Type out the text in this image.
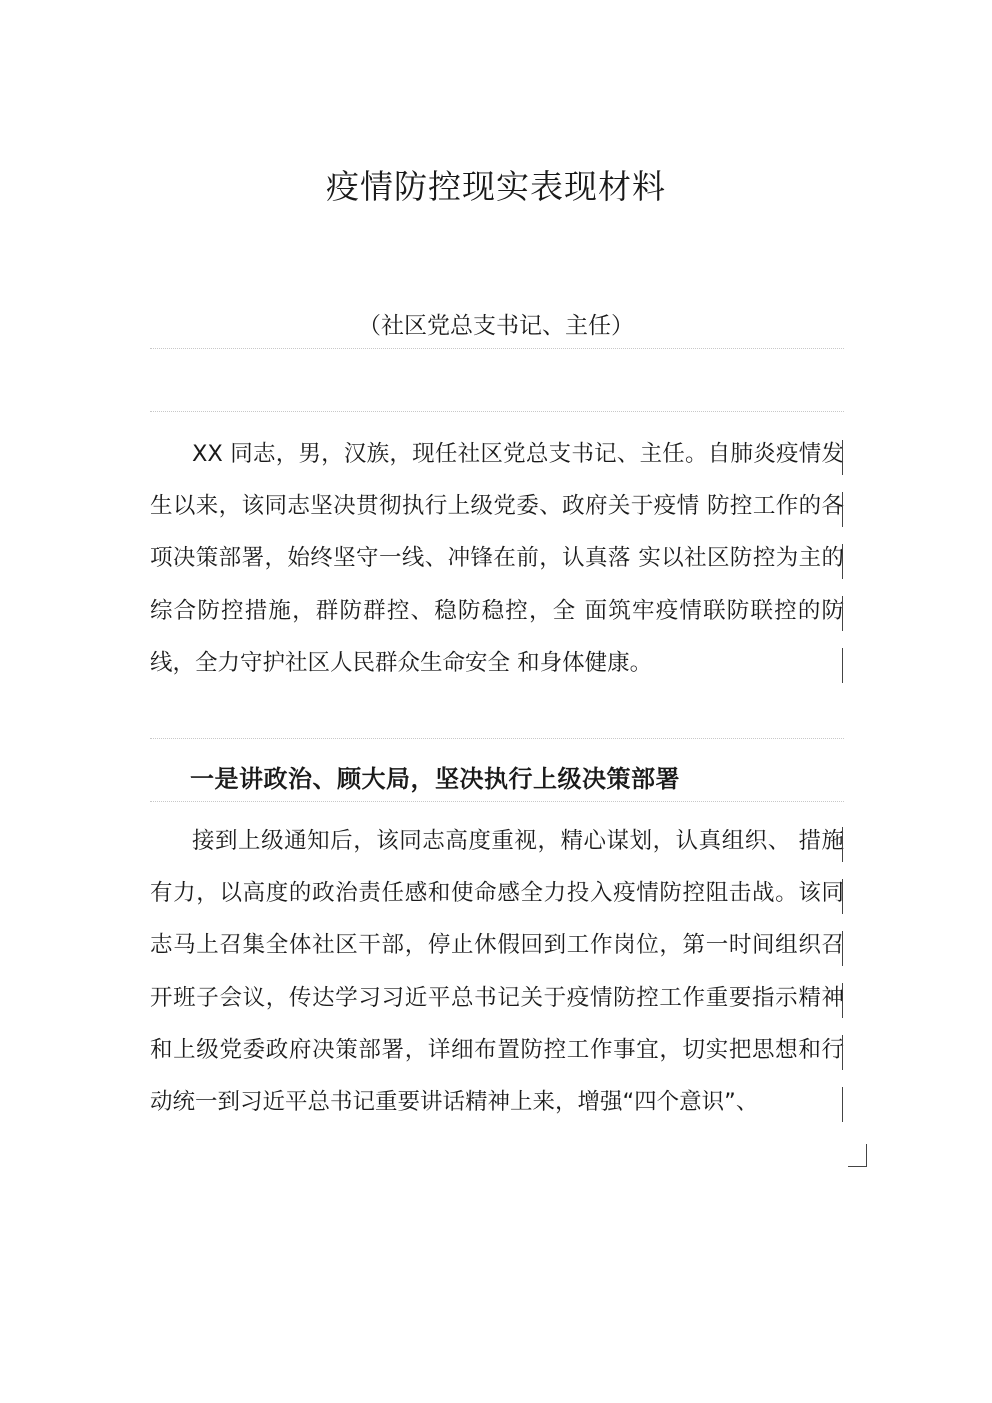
疫情防控现实表现材料
（社区党总支书记、主任）
XX 同志，男，汉族，现任社区党总支书记、主任。自肺炎疫情发生以来，该同志坚决贯彻执行上级党委、政府关于疫情 防控工作的各项决策部署，始终坚守一线、冲锋在前，认真落 实以社区防控为主的综合防控措施，群防群控、稳防稳控，全 面筑牢疫情联防联控的防线，全力守护社区人民群众生命安全 和身体健康。
一是讲政治、顾大局，坚决执行上级决策部署
接到上级通知后，该同志高度重视，精心谋划，认真组织、 措施有力，以高度的政治责任感和使命感全力投入疫情防控阻击战。该同志马上召集全体社区干部，停止休假回到工作岗位，第一时间组织召开班子会议，传达学习习近平总书记关于疫情防控工作重要指示精神和上级党委政府决策部署，详细布置防控工作事宜，切实把思想和行动统一到习近平总书记重要讲话精神上来，增强“四个意识”、
